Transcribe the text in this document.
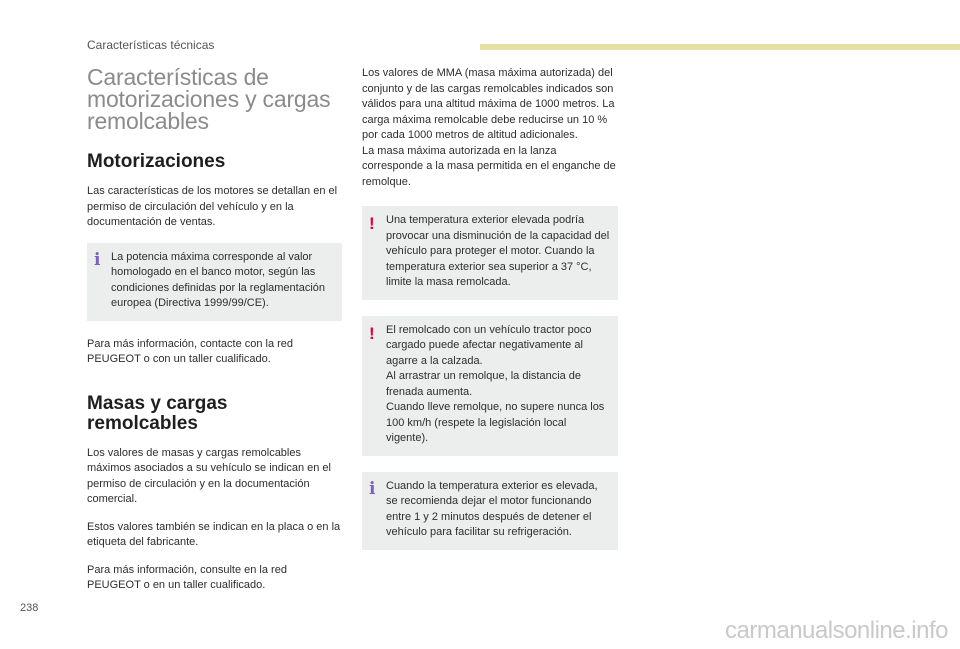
Características técnicas
Características de motorizaciones y cargas remolcables
Motorizaciones

Las características de los motores se detallan en el permiso de circulación del vehículo y en la documentación de ventas.

i La potencia máxima corresponde al valor homologado en el banco motor, según las condiciones definidas por la reglamentación europea (Directiva 1999/99/CE).

Para más información, contacte con la red PEUGEOT o con un taller cualificado.

Masas y cargas remolcables

Los valores de masas y cargas remolcables máximos asociados a su vehículo se indican en el permiso de circulación y en la documentación comercial.

Estos valores también se indican en la placa o en la etiqueta del fabricante.

Para más información, consulte en la red PEUGEOT o en un taller cualificado.

Los valores de MMA (masa máxima autorizada) del conjunto y de las cargas remolcables indicados son válidos para una altitud máxima de 1000 metros. La carga máxima remolcable debe reducirse un 10 % por cada 1000 metros de altitud adicionales.

La masa máxima autorizada en la lanza corresponde a la masa permitida en el enganche de remolque.

! Una temperatura exterior elevada podría provocar una disminución de la capacidad del vehículo para proteger el motor. Cuando la temperatura exterior sea superior a 37 °C, limite la masa remolcada.
! El remolcado con un vehículo tractor poco cargado puede afectar negativamente al agarre a la calzada.
Al arrastrar un remolque, la distancia de frenada aumenta.
Cuando lleve remolque, no supere nunca los 100 km/h (respete la legislación local vigente).
i Cuando la temperatura exterior es elevada, se recomienda dejar el motor funcionando entre 1 y 2 minutos después de detener el vehículo para facilitar su refrigeración.
238
carmanualsonline.info
